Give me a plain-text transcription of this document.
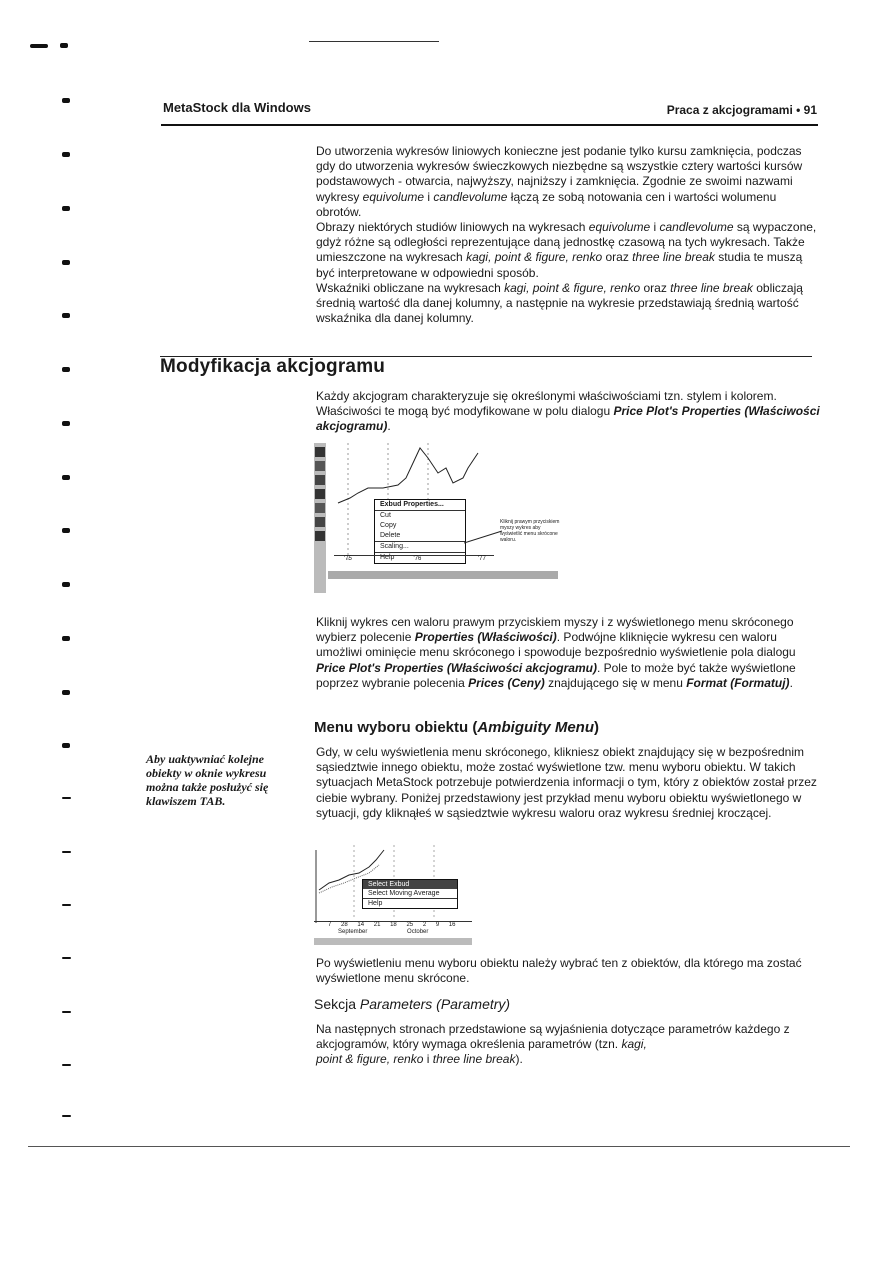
MetaStock dla Windows	Praca z akcjogramami • 91

Do utworzenia wykresów liniowych konieczne jest podanie tylko kursu zamknięcia, podczas gdy do utworzenia wykresów świeczkowych niezbędne są wszystkie cztery wartości kursów podstawowych - otwarcia, najwyższy, najniższy i zamknięcia. Zgodnie ze swoimi nazwami wykresy equivolume i candlevolume łączą ze sobą notowania cen i wartości wolumenu obrotów.
Obrazy niektórych studiów liniowych na wykresach equivolume i candlevolume są wypaczone, gdyż różne są odległości reprezentujące daną jednostkę czasową na tych wykresach. Także umieszczone na wykresach kagi, point & figure, renko oraz three line break studia te muszą być interpretowane w odpowiedni sposób.
Wskaźniki obliczane na wykresach kagi, point & figure, renko oraz three line break obliczają średnią wartość dla danej kolumny, a następnie na wykresie przedstawiają średnią wartość wskaźnika dla danej kolumny.

Modyfikacja akcjogramu

Każdy akcjogram charakteryzuje się określonymi właściwościami tzn. stylem i kolorem. Właściwości te mogą być modyfikowane w polu dialogu Price Plot's Properties (Właściwości akcjogramu).

Exbud Properties...
Cut
Copy
Delete
Scaling...
Help
'75	'76	'77
Kliknij prawym przyciskiem myszy wykres aby wyświetlić menu skrócone waloru.

Kliknij wykres cen waloru prawym przyciskiem myszy i z wyświetlonego menu skróconego wybierz polecenie Properties (Właściwości). Podwójne kliknięcie wykresu cen waloru umożliwi ominięcie menu skróconego i spowoduje bezpośrednio wyświetlenie pola dialogu Price Plot's Properties (Właściwości akcjogramu). Pole to może być także wyświetlone poprzez wybranie polecenia Prices (Ceny) znajdującego się w menu Format (Formatuj).

Menu wyboru obiektu (Ambiguity Menu)
Aby uaktywniać kolejne obiekty w oknie wykresu można także posłużyć się klawiszem TAB.

Gdy, w celu wyświetlenia menu skróconego, klikniesz obiekt znajdujący się w bezpośrednim sąsiedztwie innego obiektu, może zostać wyświetlone tzw. menu wyboru obiektu. W takich sytuacjach MetaStock potrzebuje potwierdzenia informacji o tym, który z obiektów został przez ciebie wybrany. Poniżej przedstawiony jest przykład menu wyboru obiektu wyświetlonego w sytuacji, gdy kliknąłeś w sąsiedztwie wykresu waloru oraz wykresu średniej kroczącej.

Select Exbud
Select Moving Average
Help
7 28 14 21 18 25 2 9 16
September	October

Po wyświetleniu menu wyboru obiektu należy wybrać ten z obiektów, dla którego ma zostać wyświetlone menu skrócone.

Sekcja Parameters (Parametry)

Na następnych stronach przedstawione są wyjaśnienia dotyczące parametrów każdego z akcjogramów, który wymaga określenia parametrów (tzn. kagi,
point & figure, renko i three line break).
